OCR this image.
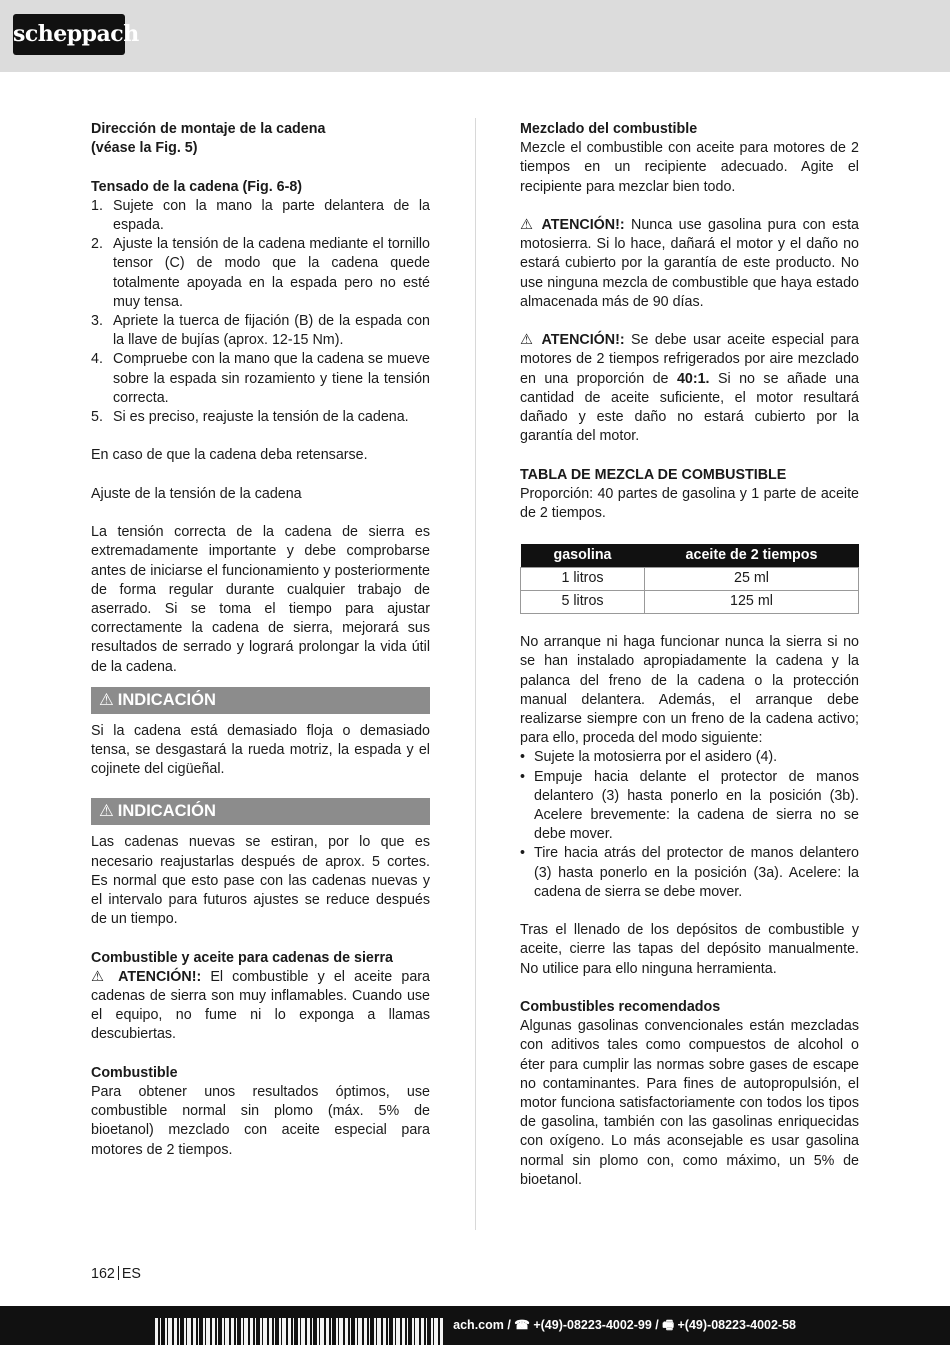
scheppach
Dirección de montaje de la cadena
(véase la Fig. 5)
Tensado de la cadena (Fig. 6-8)
1. Sujete con la mano la parte delantera de la espada.
2. Ajuste la tensión de la cadena mediante el tornillo tensor (C) de modo que la cadena quede totalmente apoyada en la espada pero no esté muy tensa.
3. Apriete la tuerca de fijación (B) de la espada con la llave de bujías (aprox. 12-15 Nm).
4. Compruebe con la mano que la cadena se mueve sobre la espada sin rozamiento y tiene la tensión correcta.
5. Si es preciso, reajuste la tensión de la cadena.
En caso de que la cadena deba retensarse.
Ajuste de la tensión de la cadena
La tensión correcta de la cadena de sierra es extremadamente importante y debe comprobarse antes de iniciarse el funcionamiento y posteriormente de forma regular durante cualquier trabajo de aserrado. Si se toma el tiempo para ajustar correctamente la cadena de sierra, mejorará sus resultados de serrado y logrará prolongar la vida útil de la cadena.
⚠ INDICACIÓN
Si la cadena está demasiado floja o demasiado tensa, se desgastará la rueda motriz, la espada y el cojinete del cigüeñal.
⚠ INDICACIÓN
Las cadenas nuevas se estiran, por lo que es necesario reajustarlas después de aprox. 5 cortes. Es normal que esto pase con las cadenas nuevas y el intervalo para futuros ajustes se reduce después de un tiempo.
Combustible y aceite para cadenas de sierra
⚠ ATENCIÓN!: El combustible y el aceite para cadenas de sierra son muy inflamables. Cuando use el equipo, no fume ni lo exponga a llamas descubiertas.
Combustible
Para obtener unos resultados óptimos, use combustible normal sin plomo (máx. 5% de bioetanol) mezclado con aceite especial para motores de 2 tiempos.
Mezclado del combustible
Mezcle el combustible con aceite para motores de 2 tiempos en un recipiente adecuado. Agite el recipiente para mezclar bien todo.
⚠ ATENCIÓN!: Nunca use gasolina pura con esta motosierra. Si lo hace, dañará el motor y el daño no estará cubierto por la garantía de este producto. No use ninguna mezcla de combustible que haya estado almacenada más de 90 días.
⚠ ATENCIÓN!: Se debe usar aceite especial para motores de 2 tiempos refrigerados por aire mezclado en una proporción de 40:1. Si no se añade una cantidad de aceite suficiente, el motor resultará dañado y este daño no estará cubierto por la garantía del motor.
TABLA DE MEZCLA DE COMBUSTIBLE
Proporción: 40 partes de gasolina y 1 parte de aceite de 2 tiempos.
gasolina	aceite de 2 tiempos
1 litros	25 ml
5 litros	125 ml
No arranque ni haga funcionar nunca la sierra si no se han instalado apropiadamente la cadena y la palanca del freno de la cadena o la protección manual delantera. Además, el arranque debe realizarse siempre con un freno de la cadena activo; para ello, proceda del modo siguiente:
• Sujete la motosierra por el asidero (4).
• Empuje hacia delante el protector de manos delantero (3) hasta ponerlo en la posición (3b). Acelere brevemente: la cadena de sierra no se debe mover.
• Tire hacia atrás del protector de manos delantero (3) hasta ponerlo en la posición (3a). Acelere: la cadena de sierra se debe mover.
Tras el llenado de los depósitos de combustible y aceite, cierre las tapas del depósito manualmente. No utilice para ello ninguna herramienta.
Combustibles recomendados
Algunas gasolinas convencionales están mezcladas con aditivos tales como compuestos de alcohol o éter para cumplir las normas sobre gases de escape no contaminantes. Para fines de autopropulsión, el motor funciona satisfactoriamente con todos los tipos de gasolina, también con las gasolinas enriquecidas con oxígeno. Lo más aconsejable es usar gasolina normal sin plomo con, como máximo, un 5% de bioetanol.
162 ES
ach.com / ☎ +(49)-08223-4002-99 / 🖷 +(49)-08223-4002-58
